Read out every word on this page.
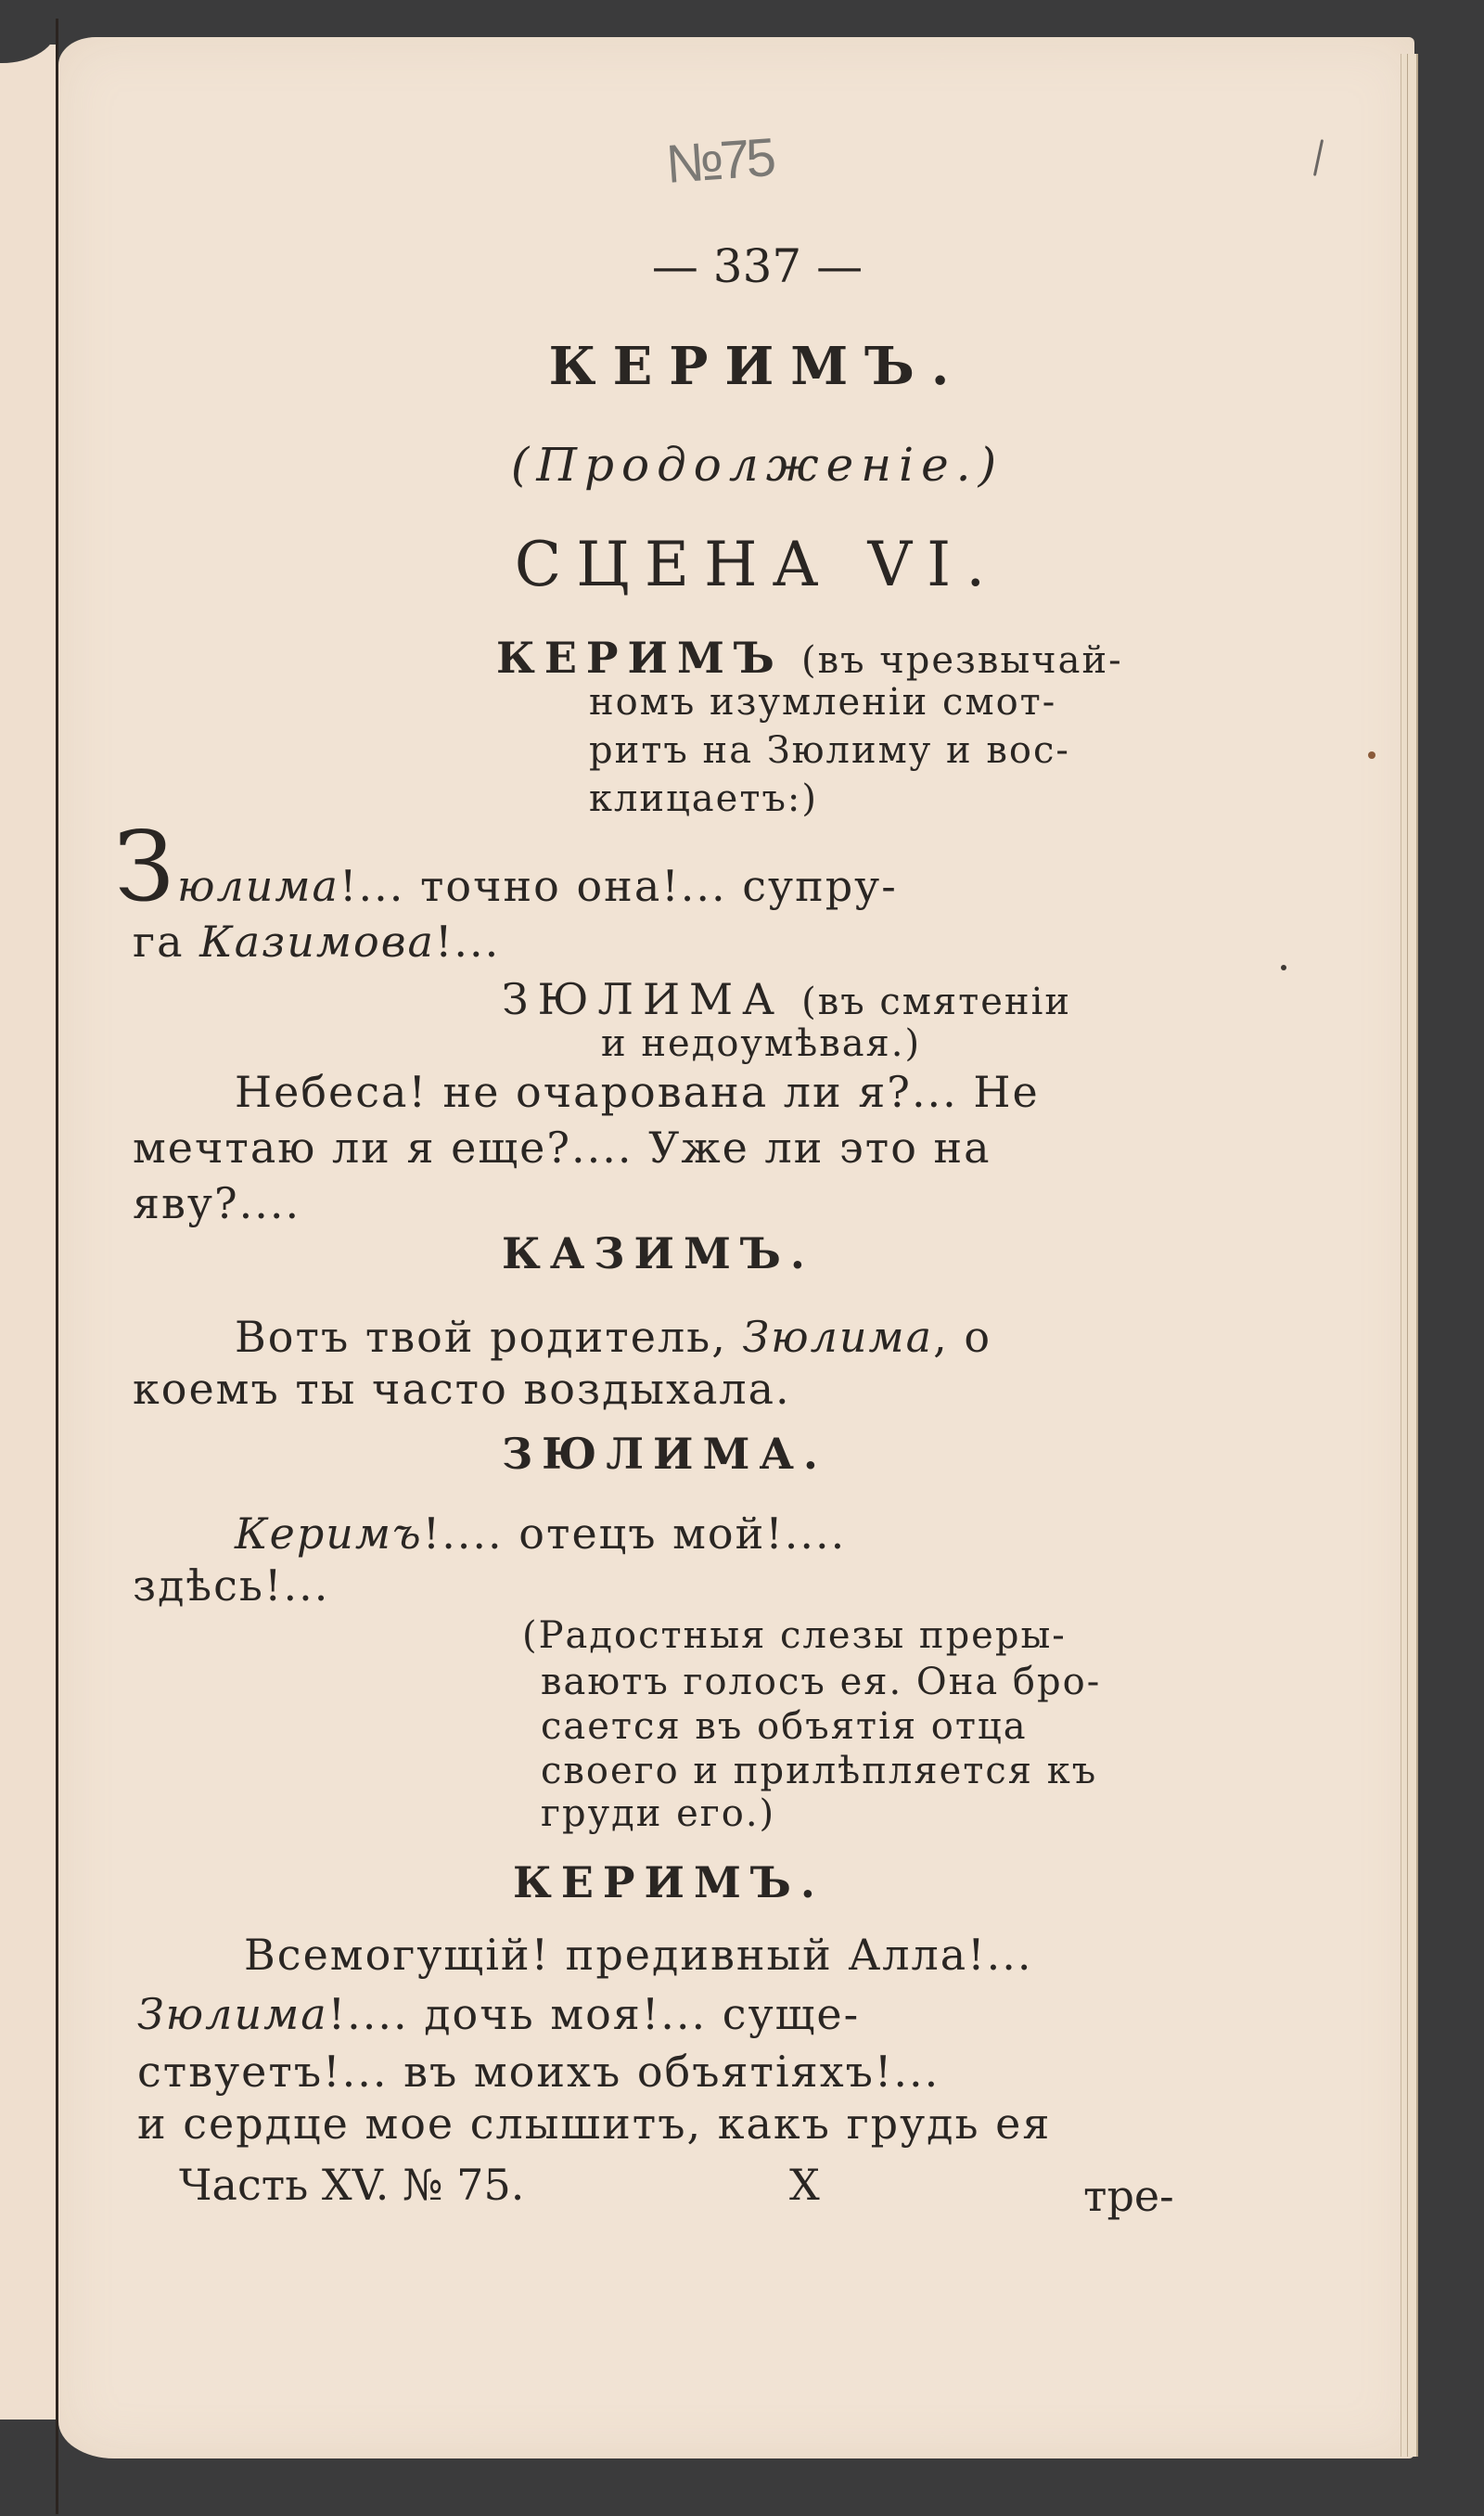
№75
— 337 —
КЕРИМЪ.
(Продолженіе.)
СЦЕНА VI.
КЕРИМЪ (въ чрезвычай-
номъ изумленіи смот-
ритъ на Зюлиму и вос-
клицаетъ:)
З юлима!... точно она!... супру-
га Казимова!...
ЗЮЛИМА (въ смятеніи
и недоумѣвая.)
Небеса! не очарована ли я?... Не
мечтаю ли я еще?.... Уже ли это на
яву?....
КАЗИМЪ.
Вотъ твой родитель, Зюлима, о
коемъ ты часто воздыхала.
ЗЮЛИМА.
Керимъ!.... отецъ мой!....
здѣсь!...
(Радостныя слезы преры-
ваютъ голосъ ея. Она бро-
сается въ объятія отца
своего и прилѣпляется къ
груди его.)
КЕРИМЪ.
Всемогущій! предивный Алла!...
Зюлима!.... дочь моя!... суще-
ствуетъ!... въ моихъ объятіяхъ!...
и сердце мое слышитъ, какъ грудь ея
Часть XV. № 75.	X	тре-
